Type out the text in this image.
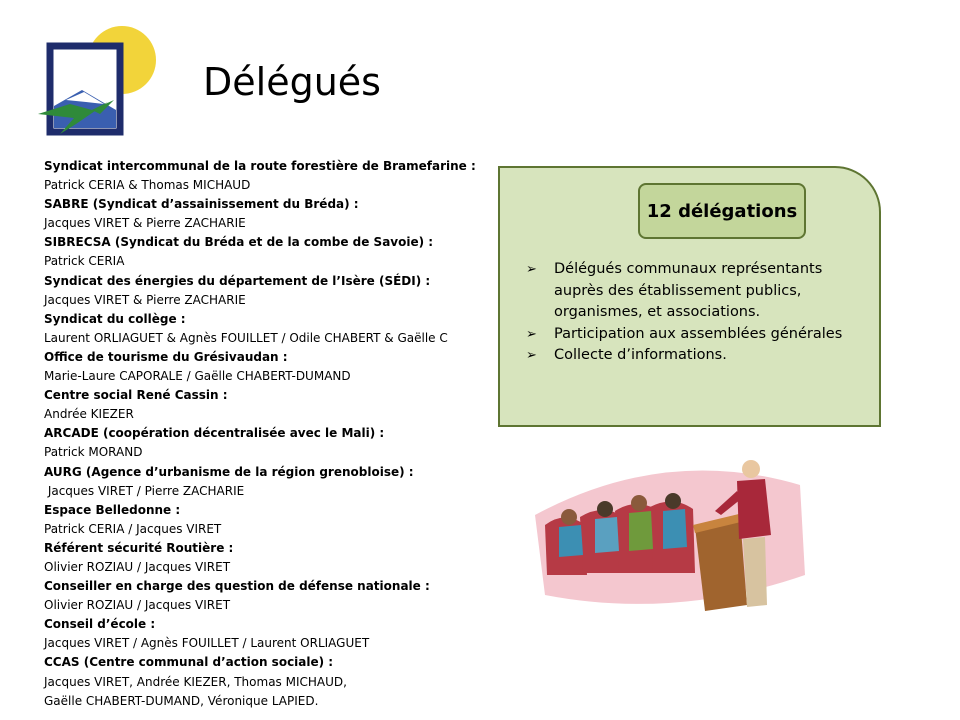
Délégués
Syndicat intercommunal de la route forestière de Bramefarine :
Patrick CERIA & Thomas MICHAUD
SABRE (Syndicat d’assainissement du Bréda) :
Jacques VIRET & Pierre ZACHARIE
SIBRECSA (Syndicat du Bréda et de la combe de Savoie) :
Patrick CERIA
Syndicat des énergies du département de l’Isère (SÉDI) :
Jacques VIRET & Pierre ZACHARIE
Syndicat du collège :
Laurent ORLIAGUET & Agnès FOUILLET / Odile CHABERT & Gaëlle C
Office de tourisme du Grésivaudan :
Marie-Laure CAPORALE / Gaëlle CHABERT-DUMAND
Centre social René Cassin :
Andrée KIEZER
ARCADE (coopération décentralisée avec le Mali) :
Patrick MORAND
AURG (Agence d’urbanisme de la région grenobloise) :
Jacques VIRET / Pierre ZACHARIE
Espace Belledonne :
Patrick CERIA / Jacques VIRET
Référent sécurité Routière :
Olivier ROZIAU / Jacques VIRET
Conseiller en charge des question de défense nationale :
Olivier ROZIAU / Jacques VIRET
Conseil d’école :
Jacques VIRET / Agnès FOUILLET / Laurent ORLIAGUET
CCAS (Centre communal d’action sociale) :
Jacques VIRET, Andrée KIEZER, Thomas MICHAUD,
Gaëlle CHABERT-DUMAND, Véronique LAPIED.
12 délégations
➢ Délégués communaux représentants auprès des établissement publics, organismes, et associations.
➢ Participation aux assemblées générales
➢ Collecte d’informations.
